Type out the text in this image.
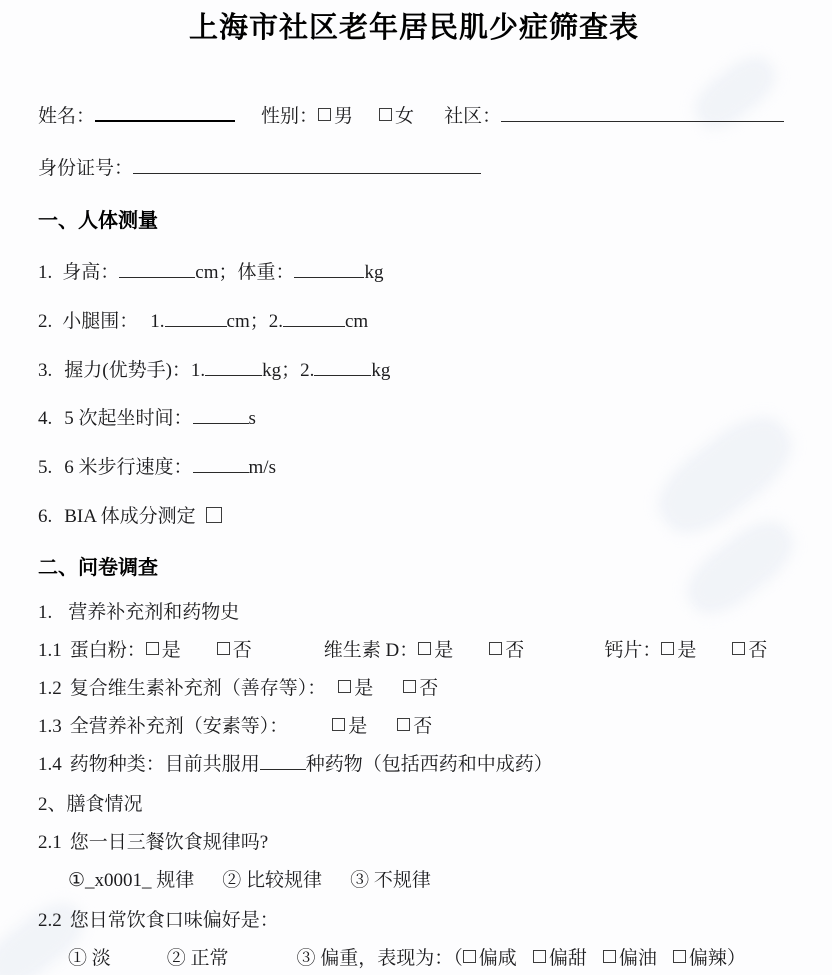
上海市社区老年居民肌少症筛查表
姓名：	性别： 男 女 社区：
身份证号：
一、人体测量
1. 身高：	cm；体重：	kg
2. 小腿围： 1.	cm；2.	cm
3. 握力(优势手)：1.	kg；2.	kg
4. 5 次起坐时间：	s
5. 6 米步行速度：	m/s
6. BIA 体成分测定
二、问卷调查
1. 营养补充剂和药物史
1.1 蛋白粉： 是	否	维生素 D： 是	否	钙片： 是	否
1.2 复合维生素补充剂（善存等）： 是 否
1.3 全营养补充剂（安素等）：	是 否
1.4 药物种类：目前共服用 种药物（包括西药和中成药）
2、膳食情况
2.1 您一日三餐饮食规律吗?
①_x0001_ 规律 ② 比较规律 ③ 不规律
2.2 您日常饮食口味偏好是：
① 淡	② 正常	③ 偏重，表现为：（ 偏咸 偏甜 偏油 偏辣）
